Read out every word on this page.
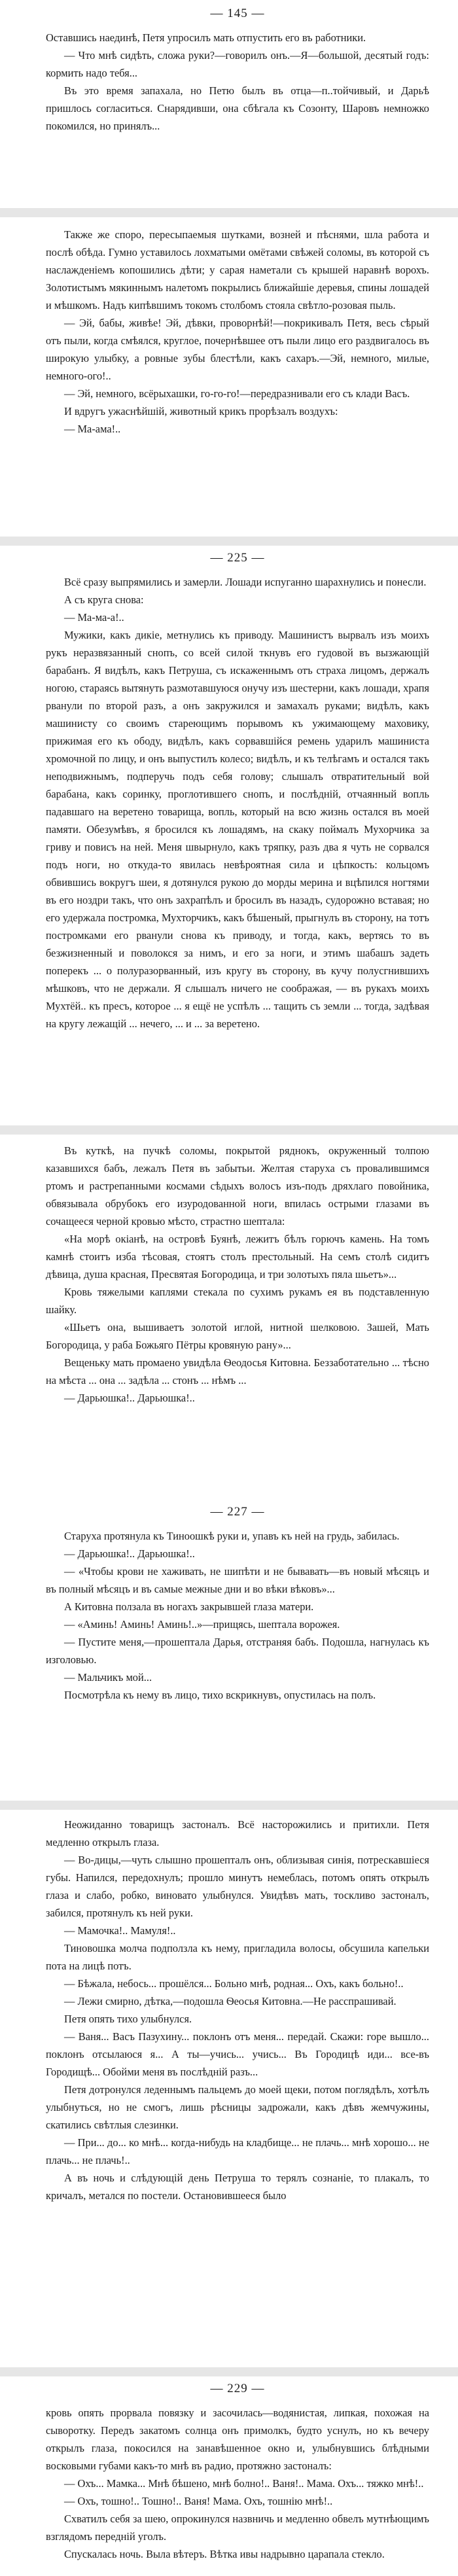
— 145 —

Оставшись наединѣ, Петя упросилъ мать отпустить его въ работники.

— Что мнѣ сидѣть, сложа руки?—говорилъ онъ.—Я—большой, десятый годъ: кормить надо тебя...

Въ это время запахала, но Петю былъ въ отца—п..тойчивый, и Дарьѣ пришлось согласиться. Снарядивши, она сбѣгала къ Созонту, Шаровъ немножко покомился, но принялъ...

Также же споро, пересыпаемыя шутками, возней и пѣснями, шла работа и послѣ обѣда. Гумно уставилось лохматыми омётами свѣжей соломы, въ которой съ наслажденіемъ копошились дѣти; у сарая наметали съ крышей наравнѣ ворохъ. Золотистымъ мякиннымъ налетомъ покрылись ближайшіе деревья, спины лошадей и мѣшкомъ. Надъ кипѣвшимъ токомъ столбомъ стояла свѣтло-розовая пыль.

— Эй, бабы, живѣе! Эй, дѣвки, проворнѣй!—покрикивалъ Петя, весь сѣрый отъ пыли, когда смѣялся, круглое, почернѣвшее отъ пыли лицо его раздвигалось въ широкую улыбку, а ровные зубы блестѣли, какъ сахаръ.—Эй, немного, милые, немного-ого!..

— Эй, немного, всёрыхашки, го-го-го!—передразнивали его съ клади Васъ.

И вдругъ ужаснѣйшій, животный крикъ прорѣзалъ воздухъ:

— Ма-ама!..

— 225 —

Всё сразу выпрямились и замерли. Лошади испуганно шарахнулись и понесли.

А съ круга снова:

— Ма-ма-а!..

Мужики, какъ дикіе, метнулись къ приводу. Машинистъ вырвалъ изъ моихъ рукъ неразвязанный снопъ, со всей силой ткнувъ его гудовой въ вызжающій барабанъ. Я видѣлъ, какъ Петруша, съ искаженнымъ отъ страха лицомъ, держалъ ногою, стараясь вытянуть размотавшуюся онучу изъ шестерни, какъ лошади, храпя рванули по второй разъ, а онъ закружился и замахалъ руками; видѣлъ, какъ машинисту со своимъ стареющимъ порывомъ къ ужимающему маховику, прижимая его къ ободу, видѣлъ, какъ сорвавшійся ремень ударилъ машиниста хромочной по лицу, и онъ выпустилъ колесо; видѣлъ, и къ телѣгамъ и остался такъ неподвижнымъ, подперучь подъ себя голову; слышалъ отвратительный вой барабана, какъ соринку, проглотившего снопъ, и послѣдній, отчаянный вопль падавшаго на веретено товарища, вопль, который на всю жизнь остался въ моей памяти. Обезумѣвъ, я бросился къ лошадямъ, на скаку поймалъ Мухорчика за гриву и повисъ на ней. Меня швырнуло, какъ тряпку, разъ два я чуть не сорвался подъ ноги, но откуда-то явилась невѣроятная сила и цѣпкость: кольцомъ обвившись вокругъ шеи, я дотянулся рукою до морды мерина и вцѣпился ногтями въ его ноздри такъ, что онъ захрапѣлъ и бросилъ въ назадъ, судорожно вставая; но его удержала постромка, Мухторчикъ, какъ бѣшеный, прыгнулъ въ сторону, на тотъ постромками его рванули снова къ приводу, и тогда, какъ, вертясь то въ безжизненный и поволокся за нимъ, и его за ноги, и этимъ шабашъ задеть поперекъ ... о полуразорванный, изъ кругу въ сторону, въ кучу полусгнившихъ мѣшковъ, что не держали. Я слышалъ ничего не соображая, — въ рукахъ моихъ Мухтёй.. къ пресъ, которое ... я ещё не успѣлъ ... тащить съ земли ... тогда, задѣвая на кругу лежащій ... нечего, ... и ... за веретено.

Въ куткѣ, на пучкѣ соломы, покрытой ряднокъ, окруженный толпою казавшихся бабъ, лежалъ Петя въ забытьи. Желтая старуха съ провалившимся ртомъ и растрепанными космами сѣдыхъ волосъ изъ-подъ дряхлаго повойника, обвязывала обрубокъ его изуродованной ноги, впилась острыми глазами въ сочащееся черной кровью мѣсто, страстно шептала:

«На морѣ окіанѣ, на островѣ Буянѣ, лежитъ бѣлъ горючъ камень. На томъ камнѣ стоитъ изба тѣсовая, стоятъ столъ престольный. На семъ столѣ сидитъ дѣвица, душа красная, Пресвятая Богородица, и три золотыхъ пяла шьетъ»...

Кровь тяжелыми каплями стекала по сухимъ рукамъ ея въ подставленную шайку.

«Шьетъ она, вышиваетъ золотой иглой, нитной шелковою. Зашей, Мать Богородица, у раба Божьяго Пётры кровяную рану»...

Вещеньку мать промаено увидѣла Ѳеодосья Китовна. Беззаботательно ... тѣсно на мѣста ... она ... задѣла ... стонъ ... нѣмъ ...

— Дарьюшка!.. Дарьюшка!..

— 227 —

Старуха протянула къ Тиноошкѣ руки и, упавъ къ ней на грудь, забилась.

— Дарьюшка!.. Дарьюшка!..

— «Чтобы крови не хаживать, не шипѣти и не бывавать—въ новый мѣсяцъ и въ полный мѣсяцъ и въ самые межные дни и во вѣки вѣковъ»...

А Китовна ползала въ ногахъ закрывшей глаза матери.

— «Аминь! Аминь! Аминь!..»—прищясь, шептала ворожея.

— Пустите меня,—прошептала Дарья, отстраняя бабъ. Подошла, нагнулась къ изголовью.

— Мальчикъ мой...

Посмотрѣла къ нему въ лицо, тихо вскрикнувъ, опустилась на полъ.

Неожиданно товарищъ застоналъ. Всё насторожились и притихли. Петя медленно открылъ глаза.

— Во-дицы,—чуть слышно прошепталъ онъ, облизывая синія, потрескавшіеся губы. Напился, передохнулъ; прошло минутъ немеблась, потомъ опять открылъ глаза и слабо, робко, виновато улыбнулся. Увидѣвъ мать, тоскливо застоналъ, забился, протянулъ къ ней руки.

— Мамочка!.. Мамуля!..

Тиновошка молча подползла къ нему, пригладила волосы, обсушила капельки пота на лицѣ потъ.

— Бѣжала, небось... прошёлся... Больно мнѣ, родная... Охъ, какъ больно!..

— Лежи смирно, дѣтка,—подошла Ѳеосья Китовна.—Не расспрашивай.

Петя опять тихо улыбнулся.

— Ваня... Васъ Пазухину... поклонъ отъ меня... передай. Скажи: горе вышло... поклонъ отсылаюся я... А ты—учись... учись... Въ Городицѣ иди... все-въ Городищѣ... Обойми меня въ послѣдній разъ...

Петя дотронулся леденнымъ пальцемъ до моей щеки, потом поглядѣлъ, хотѣлъ улыбнуться, но не смогъ, лишь рѣсницы задрожали, какъ дѣвъ жемчужины, скатились свѣтлыя слезинки.

— При... до... ко мнѣ... когда-нибудь на кладбище... не плачь... мнѣ хорошо... не плачь... не плачь!..

А въ ночь и слѣдующій день Петруша то терялъ сознаніе, то плакалъ, то кричалъ, метался по постели. Остановившееся было

— 229 —

кровь опять прорвала повязку и засочилась—водянистая, липкая, похожая на сыворотку. Передъ закатомъ солнца онъ примолкъ, будто уснулъ, но къ вечеру открылъ глаза, покосился на занавѣшенное окно и, улыбнувшись блѣдными восковыми губами какъ-то мнѣ въ радио, протяжно застоналъ:

— Охъ... Мамка... Мнѣ бѣшено, мнѣ болно!.. Ваня!.. Мама. Охъ... тяжко мнѣ!..

— Охъ, тошно!.. Тошно!.. Ваня! Мама. Охъ, тошнію мнѣ!..

Схватилъ себя за шею, опрокинулся назвничь и медленно обвелъ мутнѣющимъ взглядомъ передній уголъ.

Спускалась ночь. Выла вѣтеръ. Вѣтка ивы надрывно царапала стекло.
